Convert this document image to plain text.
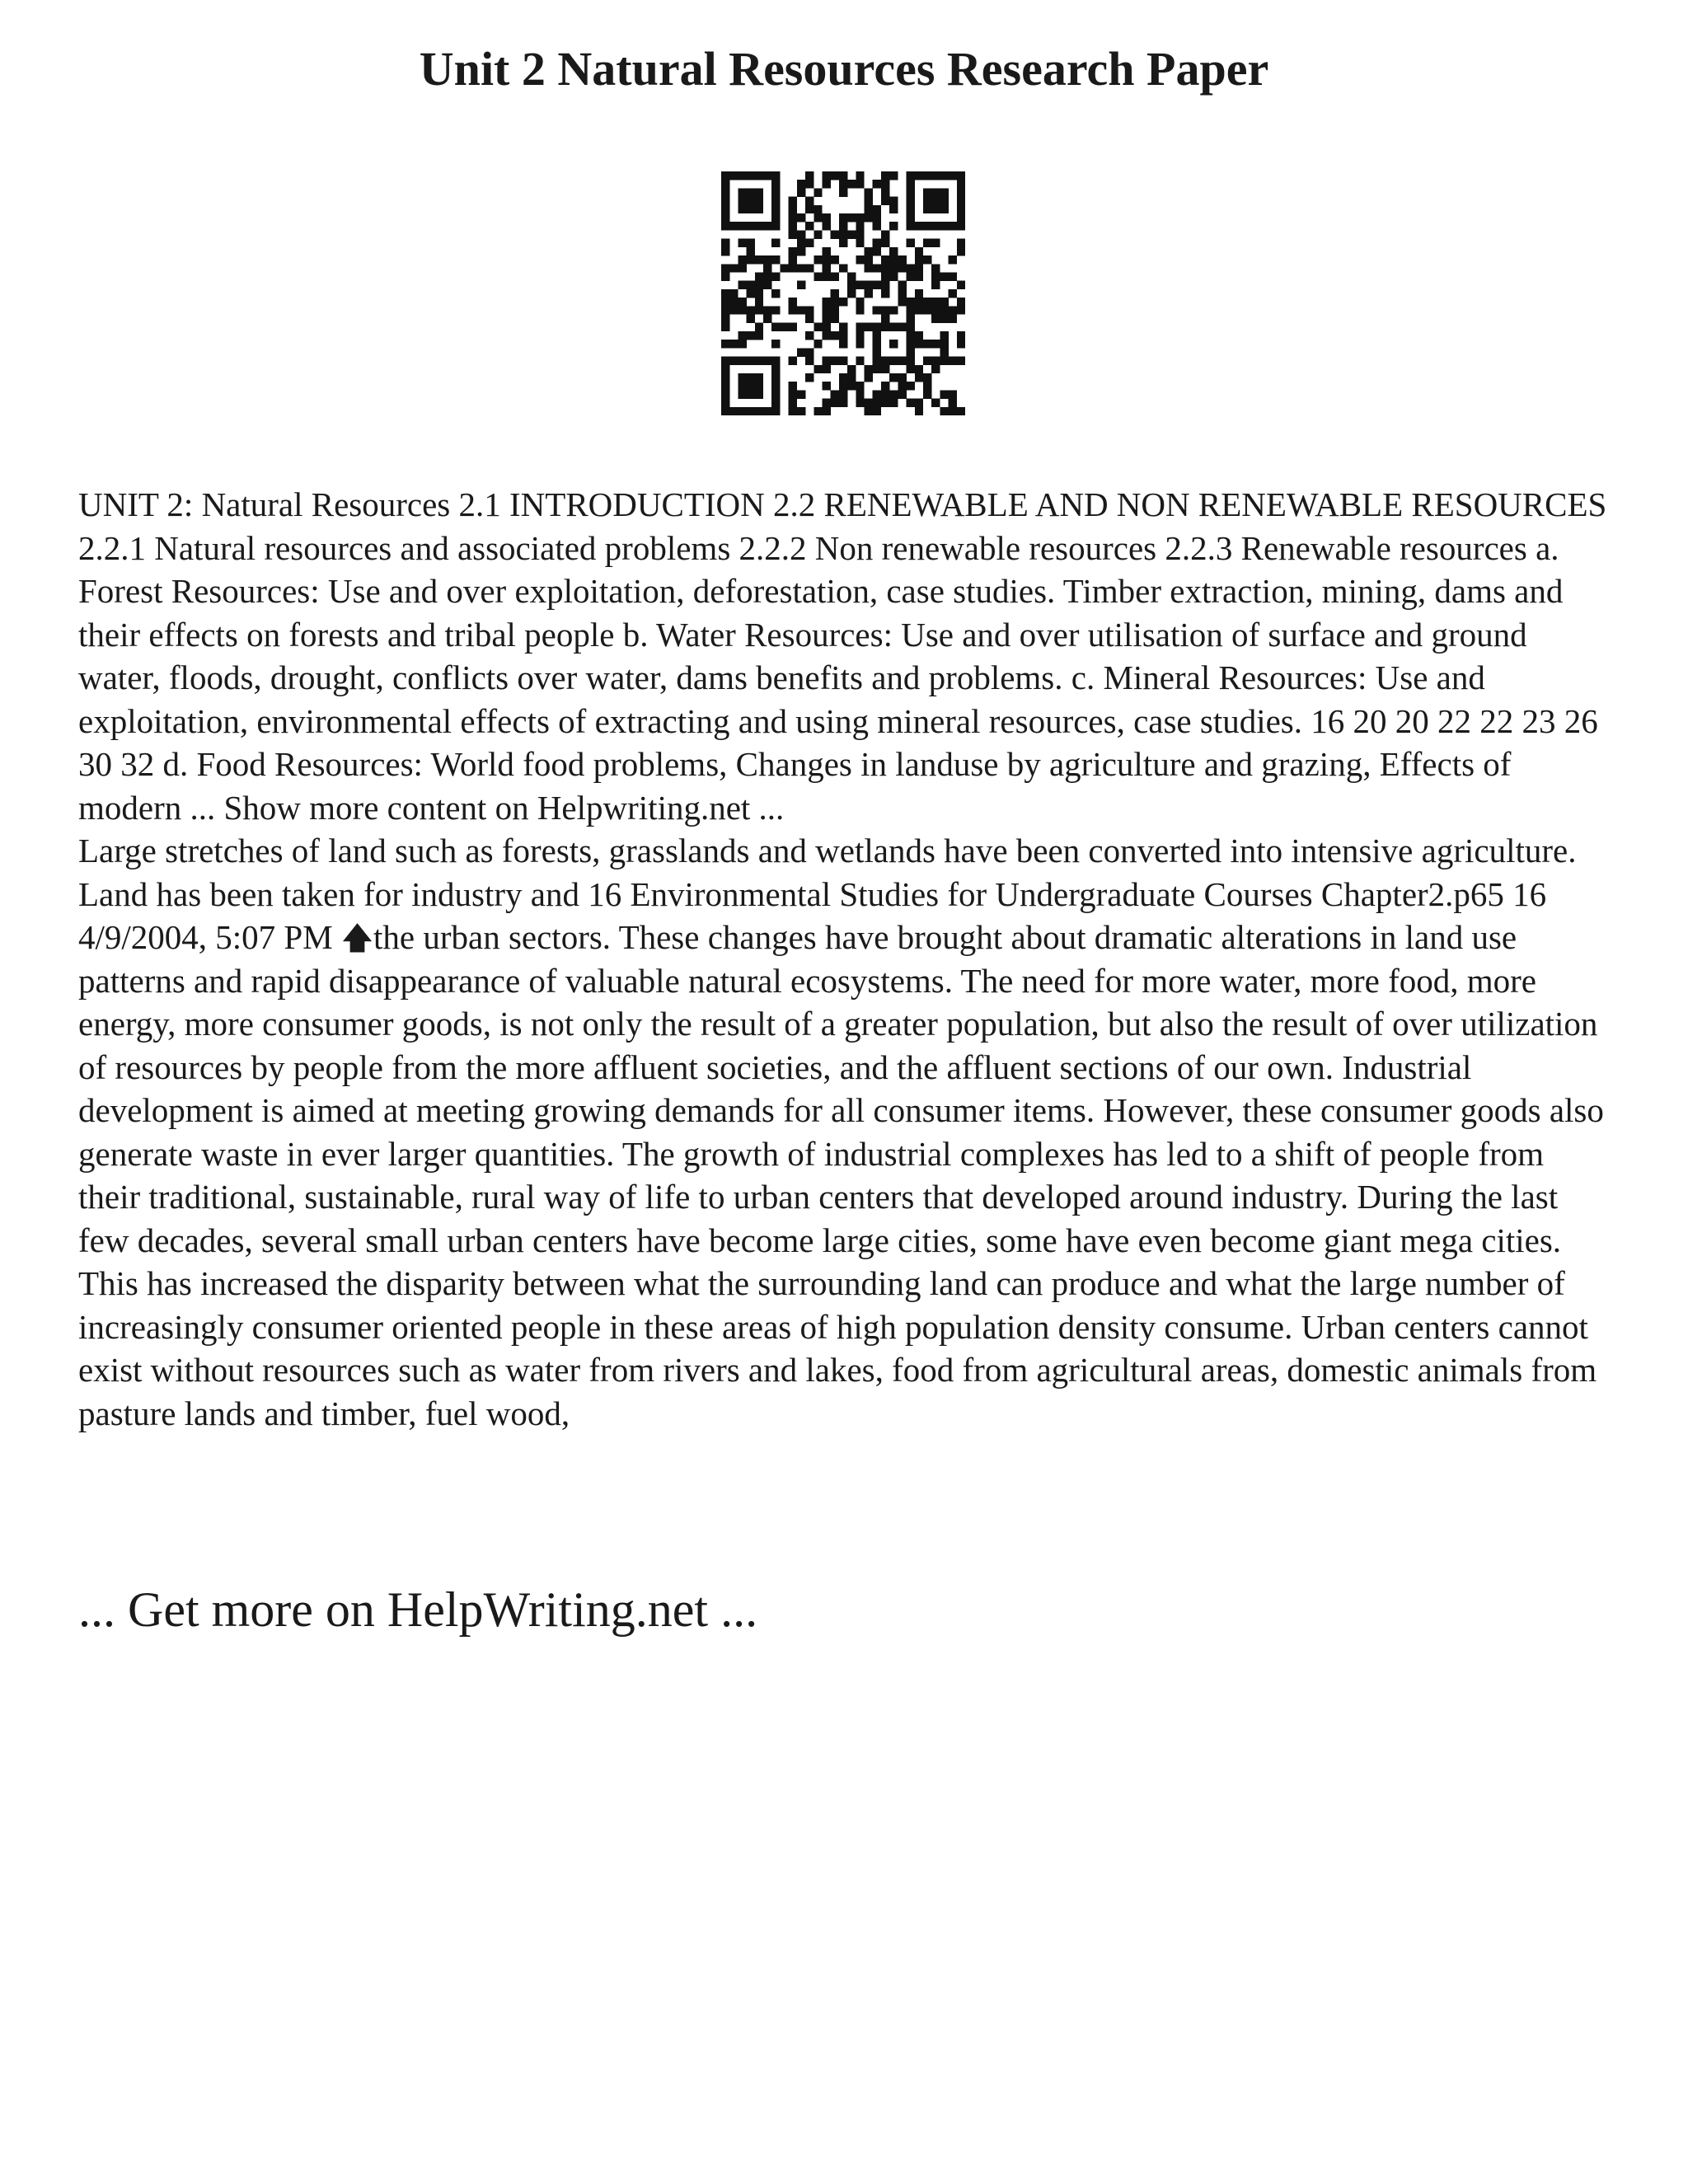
Unit 2 Natural Resources Research Paper

UNIT 2: Natural Resources 2.1 INTRODUCTION 2.2 RENEWABLE AND NON RENEWABLE RESOURCES 2.2.1 Natural resources and associated problems 2.2.2 Non renewable resources 2.2.3 Renewable resources a. Forest Resources: Use and over exploitation, deforestation, case studies. Timber extraction, mining, dams and their effects on forests and tribal people b. Water Resources: Use and over utilisation of surface and ground water, floods, drought, conflicts over water, dams benefits and problems. c. Mineral Resources: Use and exploitation, environmental effects of extracting and using mineral resources, case studies. 16 20 20 22 22 23 26 30 32 d. Food Resources: World food problems, Changes in landuse by agriculture and grazing, Effects of modern ... Show more content on Helpwriting.net ...

Large stretches of land such as forests, grasslands and wetlands have been converted into intensive agriculture. Land has been taken for industry and 16 Environmental Studies for Undergraduate Courses Chapter2.p65 16 4/9/2004, 5:07 PM 🡅the urban sectors. These changes have brought about dramatic alterations in land use patterns and rapid disappearance of valuable natural ecosystems. The need for more water, more food, more energy, more consumer goods, is not only the result of a greater population, but also the result of over utilization of resources by people from the more affluent societies, and the affluent sections of our own. Industrial development is aimed at meeting growing demands for all consumer items. However, these consumer goods also generate waste in ever larger quantities. The growth of industrial complexes has led to a shift of people from their traditional, sustainable, rural way of life to urban centers that developed around industry. During the last few decades, several small urban centers have become large cities, some have even become giant mega cities. This has increased the disparity between what the surrounding land can produce and what the large number of increasingly consumer oriented people in these areas of high population density consume. Urban centers cannot exist without resources such as water from rivers and lakes, food from agricultural areas, domestic animals from pasture lands and timber, fuel wood,

... Get more on HelpWriting.net ...
